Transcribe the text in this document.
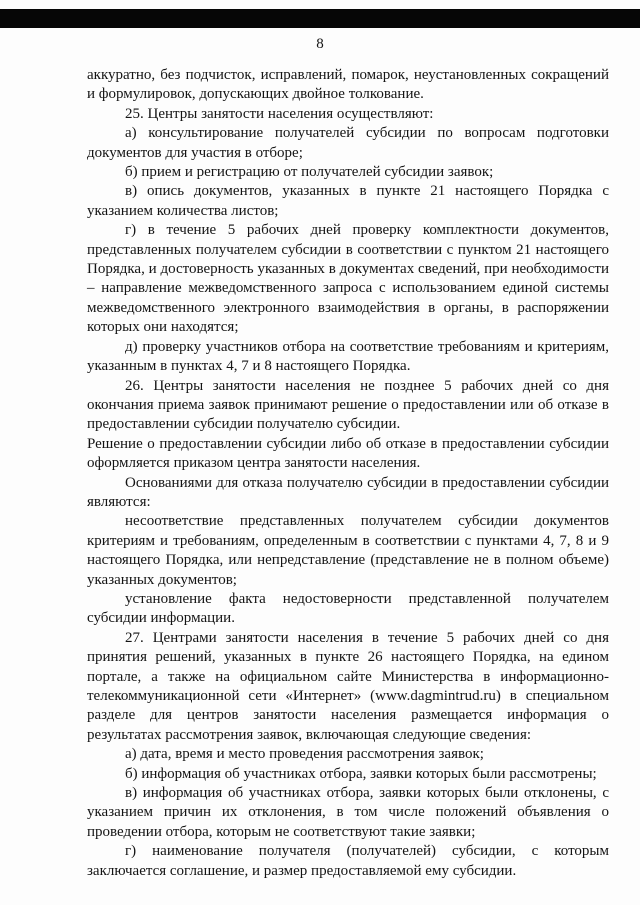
8

аккуратно, без подчисток, исправлений, помарок, неустановленных сокращений и формулировок, допускающих двойное толкование.

25. Центры занятости населения осуществляют:

а) консультирование получателей субсидии по вопросам подготовки документов для участия в отборе;

б) прием и регистрацию от получателей субсидии заявок;

в) опись документов, указанных в пункте 21 настоящего Порядка с указанием количества листов;

г) в течение 5 рабочих дней проверку комплектности документов, представленных получателем субсидии в соответствии с пунктом 21 настоящего Порядка, и достоверность указанных в документах сведений, при необходимости – направление межведомственного запроса с использованием единой системы межведомственного электронного взаимодействия в органы, в распоряжении которых они находятся;

д) проверку участников отбора на соответствие требованиям и критериям, указанным в пунктах 4, 7 и 8 настоящего Порядка.

26. Центры занятости населения не позднее 5 рабочих дней со дня окончания приема заявок принимают решение о предоставлении или об отказе в предоставлении субсидии получателю субсидии.

Решение о предоставлении субсидии либо об отказе в предоставлении субсидии оформляется приказом центра занятости населения.

Основаниями для отказа получателю субсидии в предоставлении субсидии являются:

несоответствие представленных получателем субсидии документов критериям и требованиям, определенным в соответствии с пунктами 4, 7, 8 и 9 настоящего Порядка, или непредставление (представление не в полном объеме) указанных документов;

установление факта недостоверности представленной получателем субсидии информации.

27. Центрами занятости населения в течение 5 рабочих дней со дня принятия решений, указанных в пункте 26 настоящего Порядка, на едином портале, а также на официальном сайте Министерства в информационно-телекоммуникационной сети «Интернет» (www.dagmintrud.ru) в специальном разделе для центров занятости населения размещается информация о результатах рассмотрения заявок, включающая следующие сведения:

а) дата, время и место проведения рассмотрения заявок;

б) информация об участниках отбора, заявки которых были рассмотрены;

в) информация об участниках отбора, заявки которых были отклонены, с указанием причин их отклонения, в том числе положений объявления о проведении отбора, которым не соответствуют такие заявки;

г) наименование получателя (получателей) субсидии, с которым заключается соглашение, и размер предоставляемой ему субсидии.
